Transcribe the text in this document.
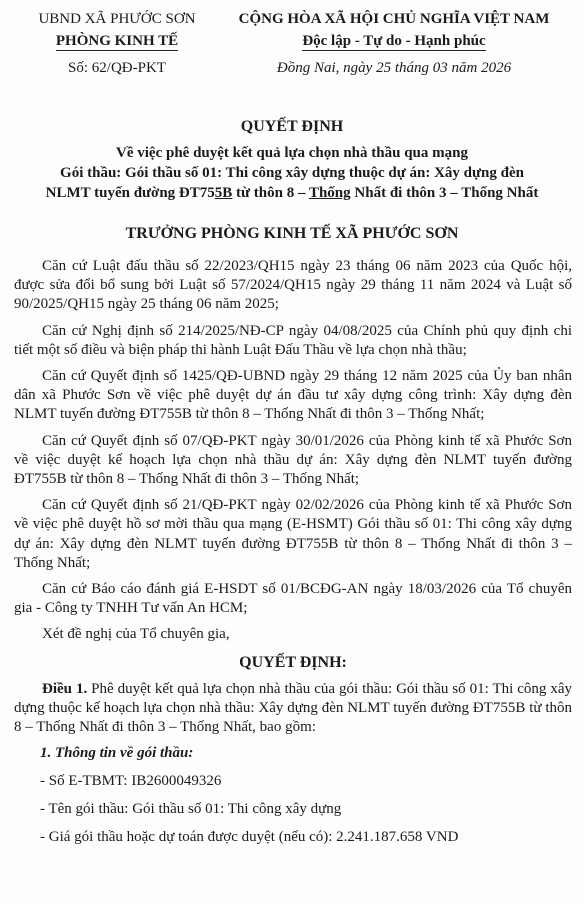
UBND XÃ PHƯỚC SƠN
PHÒNG KINH TẾ
CỘNG HÒA XÃ HỘI CHỦ NGHĨA VIỆT NAM
Độc lập - Tự do - Hạnh phúc
Số: 62/QĐ-PKT	Đồng Nai, ngày 25 tháng 03 năm 2026
QUYẾT ĐỊNH
Về việc phê duyệt kết quả lựa chọn nhà thầu qua mạng
Gói thầu: Gói thầu số 01: Thi công xây dựng thuộc dự án: Xây dựng đèn
NLMT tuyến đường ĐT755B từ thôn 8 – Thống Nhất đi thôn 3 – Thống Nhất
TRƯỞNG PHÒNG KINH TẾ XÃ PHƯỚC SƠN

Căn cứ Luật đấu thầu số 22/2023/QH15 ngày 23 tháng 06 năm 2023 của Quốc hội, được sửa đổi bổ sung bởi Luật số 57/2024/QH15 ngày 29 tháng 11 năm 2024 và Luật số 90/2025/QH15 ngày 25 tháng 06 năm 2025;

Căn cứ Nghị định số 214/2025/NĐ-CP ngày 04/08/2025 của Chính phủ quy định chi tiết một số điều và biện pháp thi hành Luật Đấu Thầu về lựa chọn nhà thầu;

Căn cứ Quyết định số 1425/QĐ-UBND ngày 29 tháng 12 năm 2025 của Ủy ban nhân dân xã Phước Sơn về việc phê duyệt dự án đầu tư xây dựng công trình: Xây dựng đèn NLMT tuyến đường ĐT755B từ thôn 8 – Thống Nhất đi thôn 3 – Thống Nhất;

Căn cứ Quyết định số 07/QĐ-PKT ngày 30/01/2026 của Phòng kinh tế xã Phước Sơn về việc duyệt kế hoạch lựa chọn nhà thầu dự án: Xây dựng đèn NLMT tuyến đường ĐT755B từ thôn 8 – Thống Nhất đi thôn 3 – Thống Nhất;

Căn cứ Quyết định số 21/QĐ-PKT ngày 02/02/2026 của Phòng kinh tế xã Phước Sơn về việc phê duyệt hồ sơ mời thầu qua mạng (E-HSMT) Gói thầu số 01: Thi công xây dựng dự án: Xây dựng đèn NLMT tuyến đường ĐT755B từ thôn 8 – Thống Nhất đi thôn 3 – Thống Nhất;

Căn cứ Báo cáo đánh giá E-HSDT số 01/BCĐG-AN ngày 18/03/2026 của Tổ chuyên gia - Công ty TNHH Tư vấn An HCM;

Xét đề nghị của Tổ chuyên gia,

QUYẾT ĐỊNH:

Điều 1. Phê duyệt kết quả lựa chọn nhà thầu của gói thầu: Gói thầu số 01: Thi công xây dựng thuộc kế hoạch lựa chọn nhà thầu: Xây dựng đèn NLMT tuyến đường ĐT755B từ thôn 8 – Thống Nhất đi thôn 3 – Thống Nhất, bao gồm:

1. Thông tin về gói thầu:

- Số E-TBMT: IB2600049326

- Tên gói thầu: Gói thầu số 01: Thi công xây dựng

- Giá gói thầu hoặc dự toán được duyệt (nếu có): 2.241.187.658 VND
